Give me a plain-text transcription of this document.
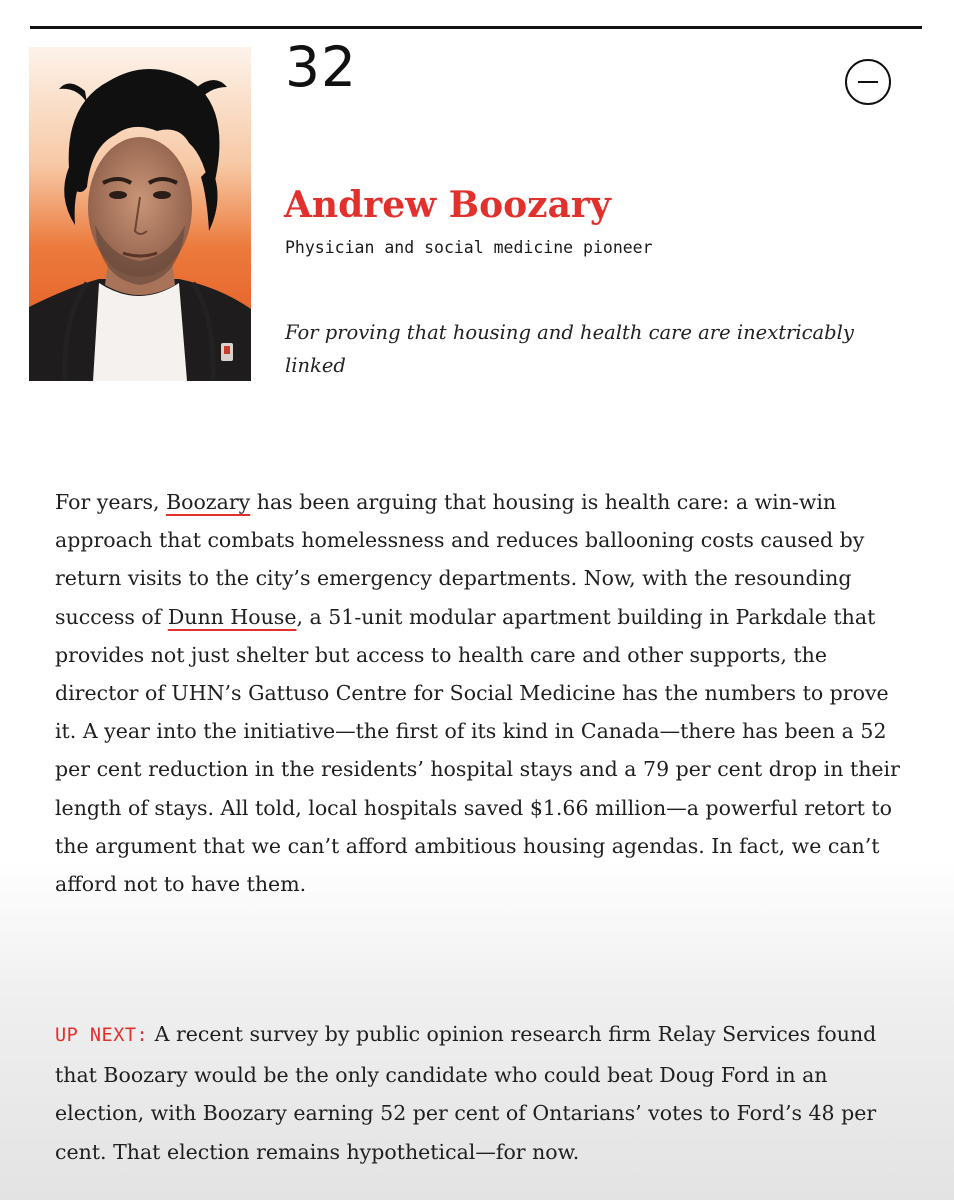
32
Andrew Boozary
Physician and social medicine pioneer
For proving that housing and health care are inextricably linked

For years, Boozary has been arguing that housing is health care: a win-win approach that combats homelessness and reduces ballooning costs caused by return visits to the city’s emergency departments. Now, with the resounding success of Dunn House, a 51-unit modular apartment building in Parkdale that provides not just shelter but access to health care and other supports, the director of UHN’s Gattuso Centre for Social Medicine has the numbers to prove it. A year into the initiative—the first of its kind in Canada—there has been a 52 per cent reduction in the residents’ hospital stays and a 79 per cent drop in their length of stays. All told, local hospitals saved $1.66 million—a powerful retort to the argument that we can’t afford ambitious housing agendas. In fact, we can’t afford not to have them.

UP NEXT: A recent survey by public opinion research firm Relay Services found that Boozary would be the only candidate who could beat Doug Ford in an election, with Boozary earning 52 per cent of Ontarians’ votes to Ford’s 48 per cent. That election remains hypothetical—for now.
